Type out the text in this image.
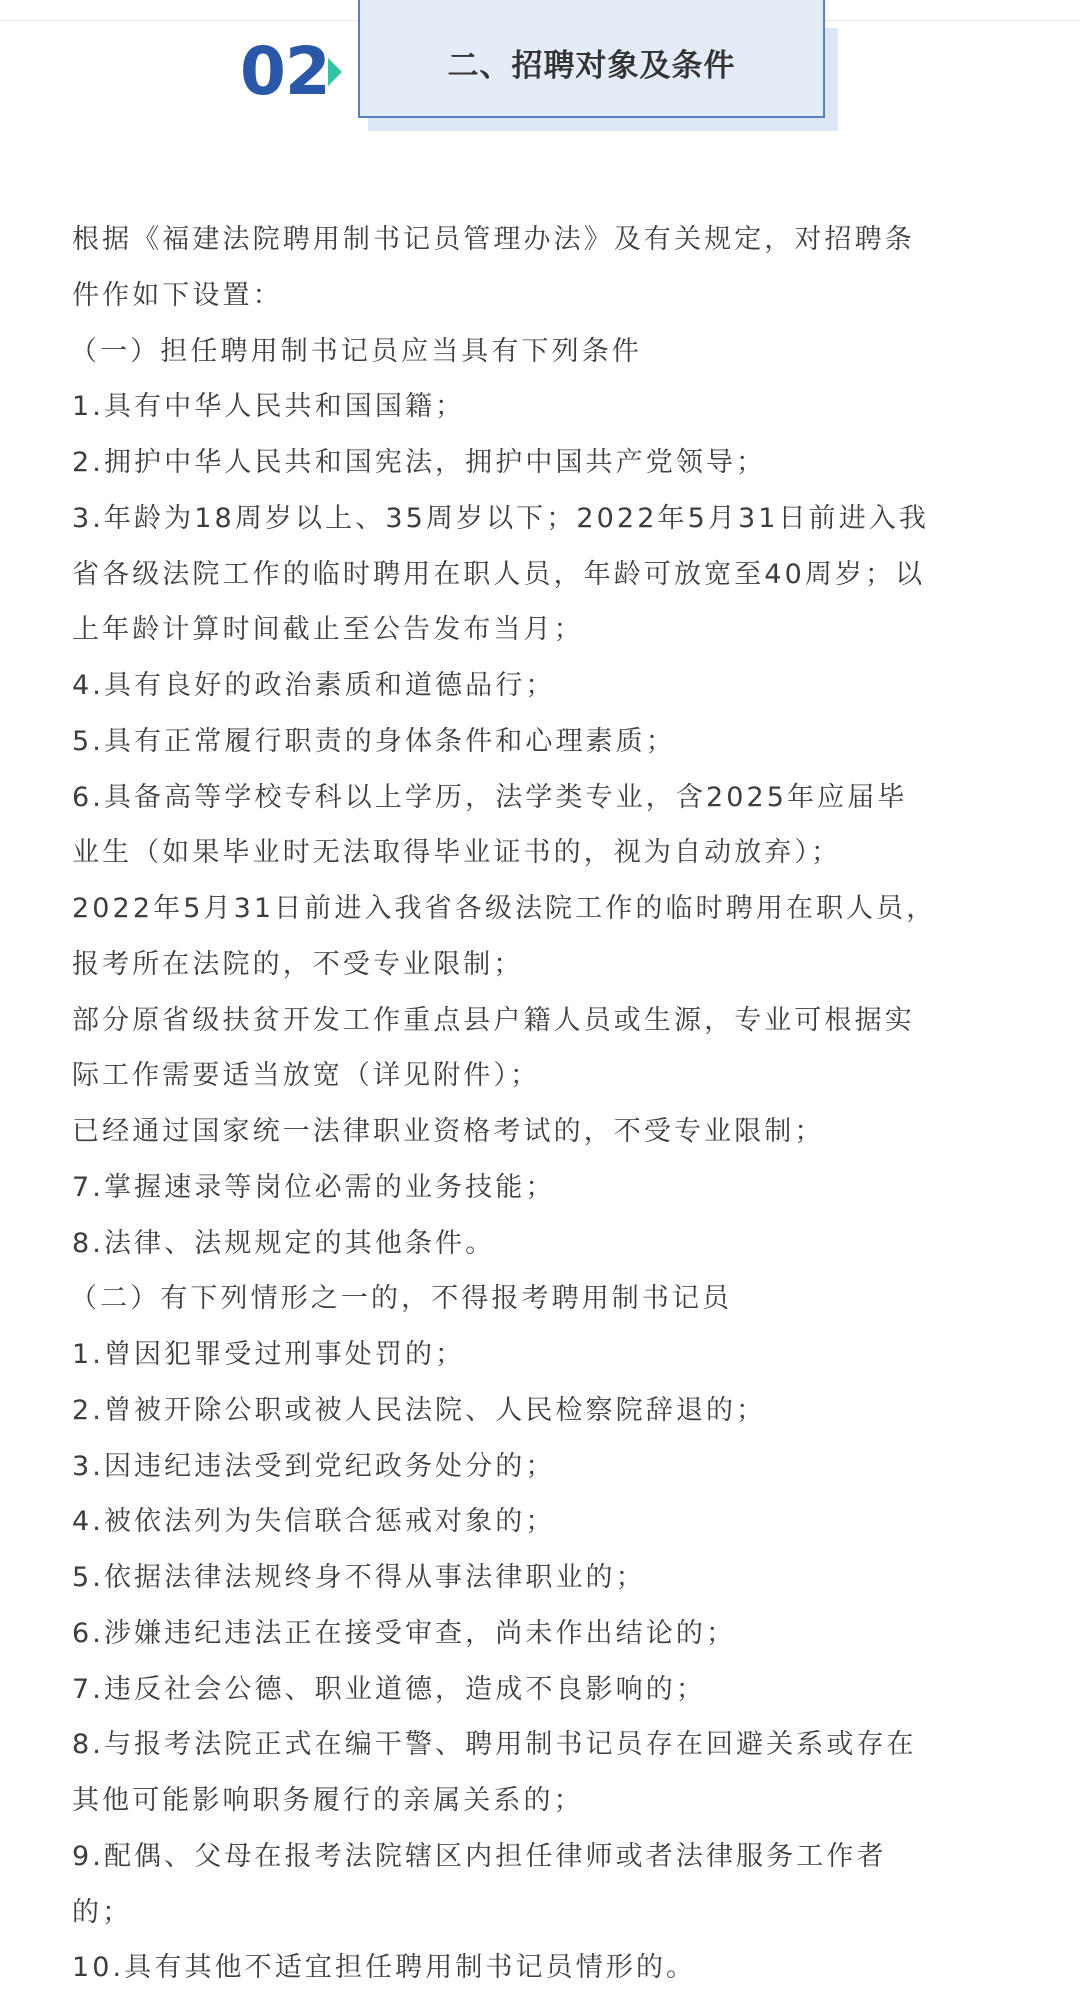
02	二、招聘对象及条件
根据《福建法院聘用制书记员管理办法》及有关规定，对招聘条
件作如下设置：
（一）担任聘用制书记员应当具有下列条件
1.具有中华人民共和国国籍；
2.拥护中华人民共和国宪法，拥护中国共产党领导；
3.年龄为18周岁以上、35周岁以下；2022年5月31日前进入我
省各级法院工作的临时聘用在职人员，年龄可放宽至40周岁；以
上年龄计算时间截止至公告发布当月；
4.具有良好的政治素质和道德品行；
5.具有正常履行职责的身体条件和心理素质；
6.具备高等学校专科以上学历，法学类专业，含2025年应届毕
业生（如果毕业时无法取得毕业证书的，视为自动放弃）；
2022年5月31日前进入我省各级法院工作的临时聘用在职人员，
报考所在法院的，不受专业限制；
部分原省级扶贫开发工作重点县户籍人员或生源，专业可根据实
际工作需要适当放宽（详见附件）；
已经通过国家统一法律职业资格考试的，不受专业限制；
7.掌握速录等岗位必需的业务技能；
8.法律、法规规定的其他条件。
（二）有下列情形之一的，不得报考聘用制书记员
1.曾因犯罪受过刑事处罚的；
2.曾被开除公职或被人民法院、人民检察院辞退的；
3.因违纪违法受到党纪政务处分的；
4.被依法列为失信联合惩戒对象的；
5.依据法律法规终身不得从事法律职业的；
6.涉嫌违纪违法正在接受审查，尚未作出结论的；
7.违反社会公德、职业道德，造成不良影响的；
8.与报考法院正式在编干警、聘用制书记员存在回避关系或存在
其他可能影响职务履行的亲属关系的；
9.配偶、父母在报考法院辖区内担任律师或者法律服务工作者
的；
10.具有其他不适宜担任聘用制书记员情形的。
